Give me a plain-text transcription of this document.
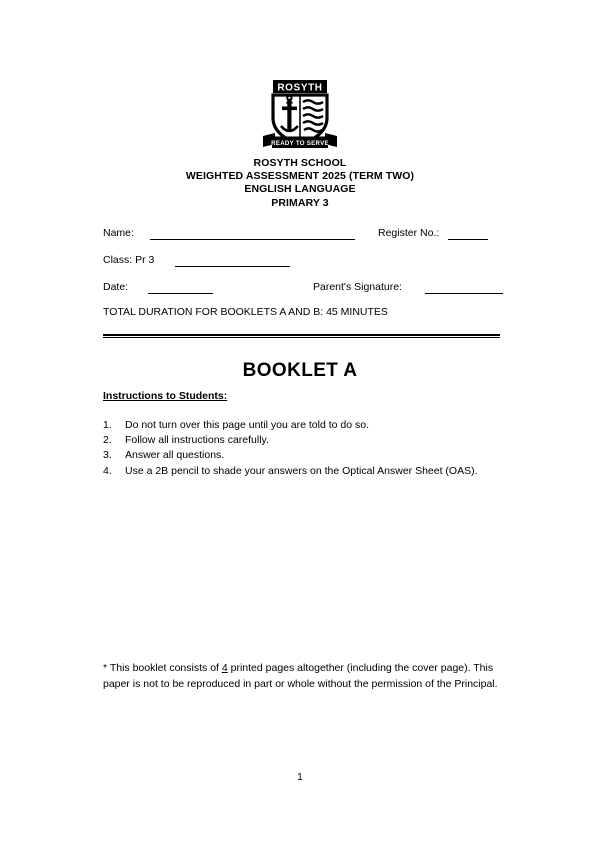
ROSYTH
READY TO SERVE
ROSYTH SCHOOL
WEIGHTED ASSESSMENT 2025 (TERM TWO)
ENGLISH LANGUAGE
PRIMARY 3
Name:	Register No.:
Class: Pr 3
Date:	Parent's Signature:
TOTAL DURATION FOR BOOKLETS A AND B: 45 MINUTES
BOOKLET A
Instructions to Students:
1.	Do not turn over this page until you are told to do so.
2.	Follow all instructions carefully.
3.	Answer all questions.
4.	Use a 2B pencil to shade your answers on the Optical Answer Sheet (OAS).
* This booklet consists of 4 printed pages altogether (including the cover page). This paper is not to be reproduced in part or whole without the permission of the Principal.
1
